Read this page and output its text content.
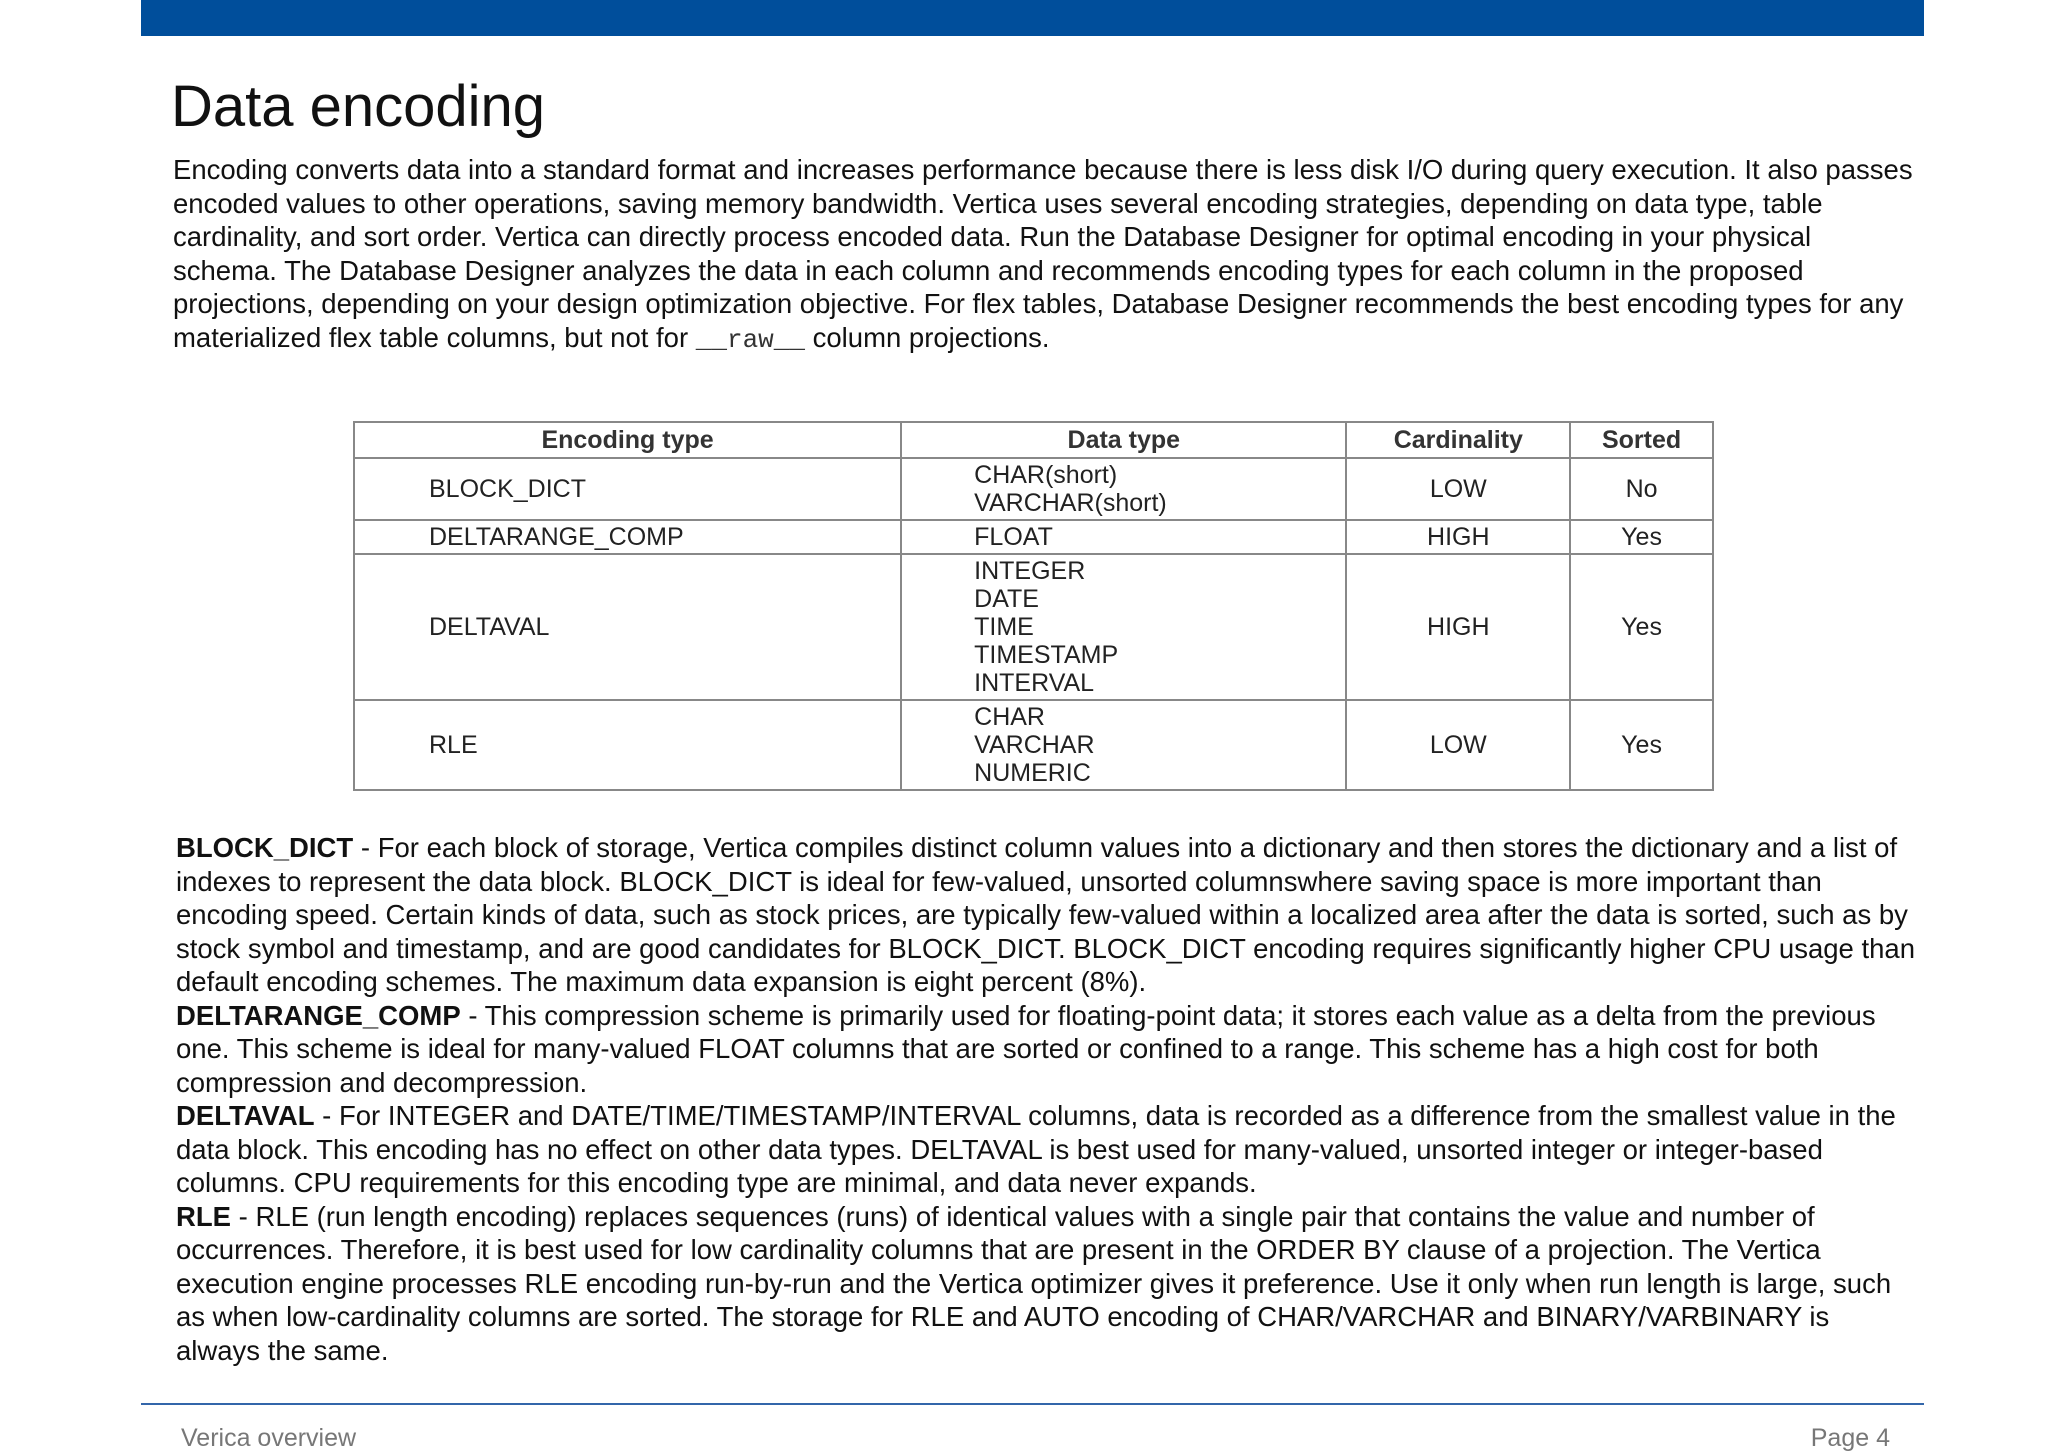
Data encoding

Encoding converts data into a standard format and increases performance because there is less disk I/O during query execution. It also passes encoded values to other operations, saving memory bandwidth. Vertica uses several encoding strategies, depending on data type, table cardinality, and sort order. Vertica can directly process encoded data. Run the Database Designer for optimal encoding in your physical schema. The Database Designer analyzes the data in each column and recommends encoding types for each column in the proposed projections, depending on your design optimization objective. For flex tables, Database Designer recommends the best encoding types for any materialized flex table columns, but not for __raw__ column projections.

Encoding type	Data type	Cardinality	Sorted
BLOCK_DICT	CHAR(short)
VARCHAR(short)	LOW	No
DELTARANGE_COMP	FLOAT	HIGH	Yes
DELTAVAL	INTEGER
DATE
TIME
TIMESTAMP
INTERVAL	HIGH	Yes
RLE	CHAR
VARCHAR
NUMERIC	LOW	Yes

BLOCK_DICT - For each block of storage, Vertica compiles distinct column values into a dictionary and then stores the dictionary and a list of indexes to represent the data block. BLOCK_DICT is ideal for few-valued, unsorted columnswhere saving space is more important than encoding speed. Certain kinds of data, such as stock prices, are typically few-valued within a localized area after the data is sorted, such as by stock symbol and timestamp, and are good candidates for BLOCK_DICT. BLOCK_DICT encoding requires significantly higher CPU usage than default encoding schemes. The maximum data expansion is eight percent (8%).

DELTARANGE_COMP - This compression scheme is primarily used for floating-point data; it stores each value as a delta from the previous one. This scheme is ideal for many-valued FLOAT columns that are sorted or confined to a range. This scheme has a high cost for both compression and decompression.

DELTAVAL - For INTEGER and DATE/TIME/TIMESTAMP/INTERVAL columns, data is recorded as a difference from the smallest value in the data block. This encoding has no effect on other data types. DELTAVAL is best used for many-valued, unsorted integer or integer-based columns. CPU requirements for this encoding type are minimal, and data never expands.

RLE - RLE (run length encoding) replaces sequences (runs) of identical values with a single pair that contains the value and number of occurrences. Therefore, it is best used for low cardinality columns that are present in the ORDER BY clause of a projection. The Vertica execution engine processes RLE encoding run-by-run and the Vertica optimizer gives it preference. Use it only when run length is large, such as when low-cardinality columns are sorted. The storage for RLE and AUTO encoding of CHAR/VARCHAR and BINARY/VARBINARY is always the same.

Verica overview	Page 4
